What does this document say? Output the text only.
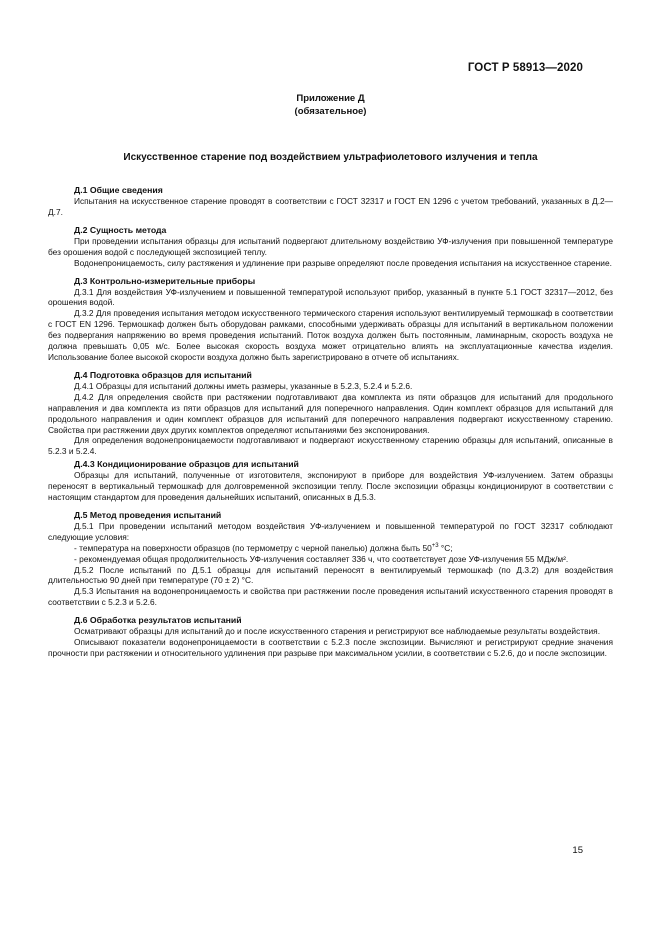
ГОСТ Р 58913—2020
Приложение Д
(обязательное)
Искусственное старение под воздействием ультрафиолетового излучения и тепла
Д.1 Общие сведения

Испытания на искусственное старение проводят в соответствии с ГОСТ 32317 и ГОСТ EN 1296 с учетом требований, указанных в Д.2—Д.7.

Д.2 Сущность метода

При проведении испытания образцы для испытаний подвергают длительному воздействию УФ-излучения при повышенной температуре без орошения водой с последующей экспозицией теплу.

Водонепроницаемость, силу растяжения и удлинение при разрыве определяют после проведения испытания на искусственное старение.

Д.3 Контрольно-измерительные приборы

Д.3.1 Для воздействия УФ-излучением и повышенной температурой используют прибор, указанный в пункте 5.1 ГОСТ 32317—2012, без орошения водой.

Д.3.2 Для проведения испытания методом искусственного термического старения используют вентилируемый термошкаф в соответствии с ГОСТ EN 1296. Термошкаф должен быть оборудован рамками, способными удерживать образцы для испытаний в вертикальном положении без подвергания напряжению во время проведения испытаний. Поток воздуха должен быть постоянным, ламинарным, скорость воздуха не должна превышать 0,05 м/с. Более высокая скорость воздуха может отрицательно влиять на эксплуатационные качества изделия. Использование более высокой скорости воздуха должно быть зарегистрировано в отчете об испытаниях.

Д.4 Подготовка образцов для испытаний

Д.4.1 Образцы для испытаний должны иметь размеры, указанные в 5.2.3, 5.2.4 и 5.2.6.

Д.4.2 Для определения свойств при растяжении подготавливают два комплекта из пяти образцов для испытаний для продольного направления и два комплекта из пяти образцов для испытаний для поперечного направления. Один комплект образцов для испытаний для продольного направления и один комплект образцов для испытаний для поперечного направления подвергают искусственному старению. Свойства при растяжении двух других комплектов определяют испытаниями без экспонирования.

Для определения водонепроницаемости подготавливают и подвергают искусственному старению образцы для испытаний, описанные в 5.2.3 и 5.2.4.

Д.4.3 Кондиционирование образцов для испытаний

Образцы для испытаний, полученные от изготовителя, экспонируют в приборе для воздействия УФ-излучением. Затем образцы переносят в вертикальный термошкаф для долговременной экспозиции теплу. После экспозиции образцы кондиционируют в соответствии с настоящим стандартом для проведения дальнейших испытаний, описанных в Д.5.3.

Д.5 Метод проведения испытаний

Д.5.1 При проведении испытаний методом воздействия УФ-излучением и повышенной температурой по ГОСТ 32317 соблюдают следующие условия:

- температура на поверхности образцов (по термометру с черной панелью) должна быть $50^{+3}$ °С;

- рекомендуемая общая продолжительность УФ-излучения составляет 336 ч, что соответствует дозе УФ-излучения 55 МДж/м².

Д.5.2 После испытаний по Д.5.1 образцы для испытаний переносят в вентилируемый термошкаф (по Д.3.2) для воздействия длительностью 90 дней при температуре (70 ± 2) °С.

Д.5.3 Испытания на водонепроницаемость и свойства при растяжении после проведения испытаний искусственного старения проводят в соответствии с 5.2.3 и 5.2.6.

Д.6 Обработка результатов испытаний

Осматривают образцы для испытаний до и после искусственного старения и регистрируют все наблюдаемые результаты воздействия.

Описывают показатели водонепроницаемости в соответствии с 5.2.3 после экспозиции. Вычисляют и регистрируют средние значения прочности при растяжении и относительного удлинения при разрыве при максимальном усилии, в соответствии с 5.2.6, до и после экспозиции.

15
